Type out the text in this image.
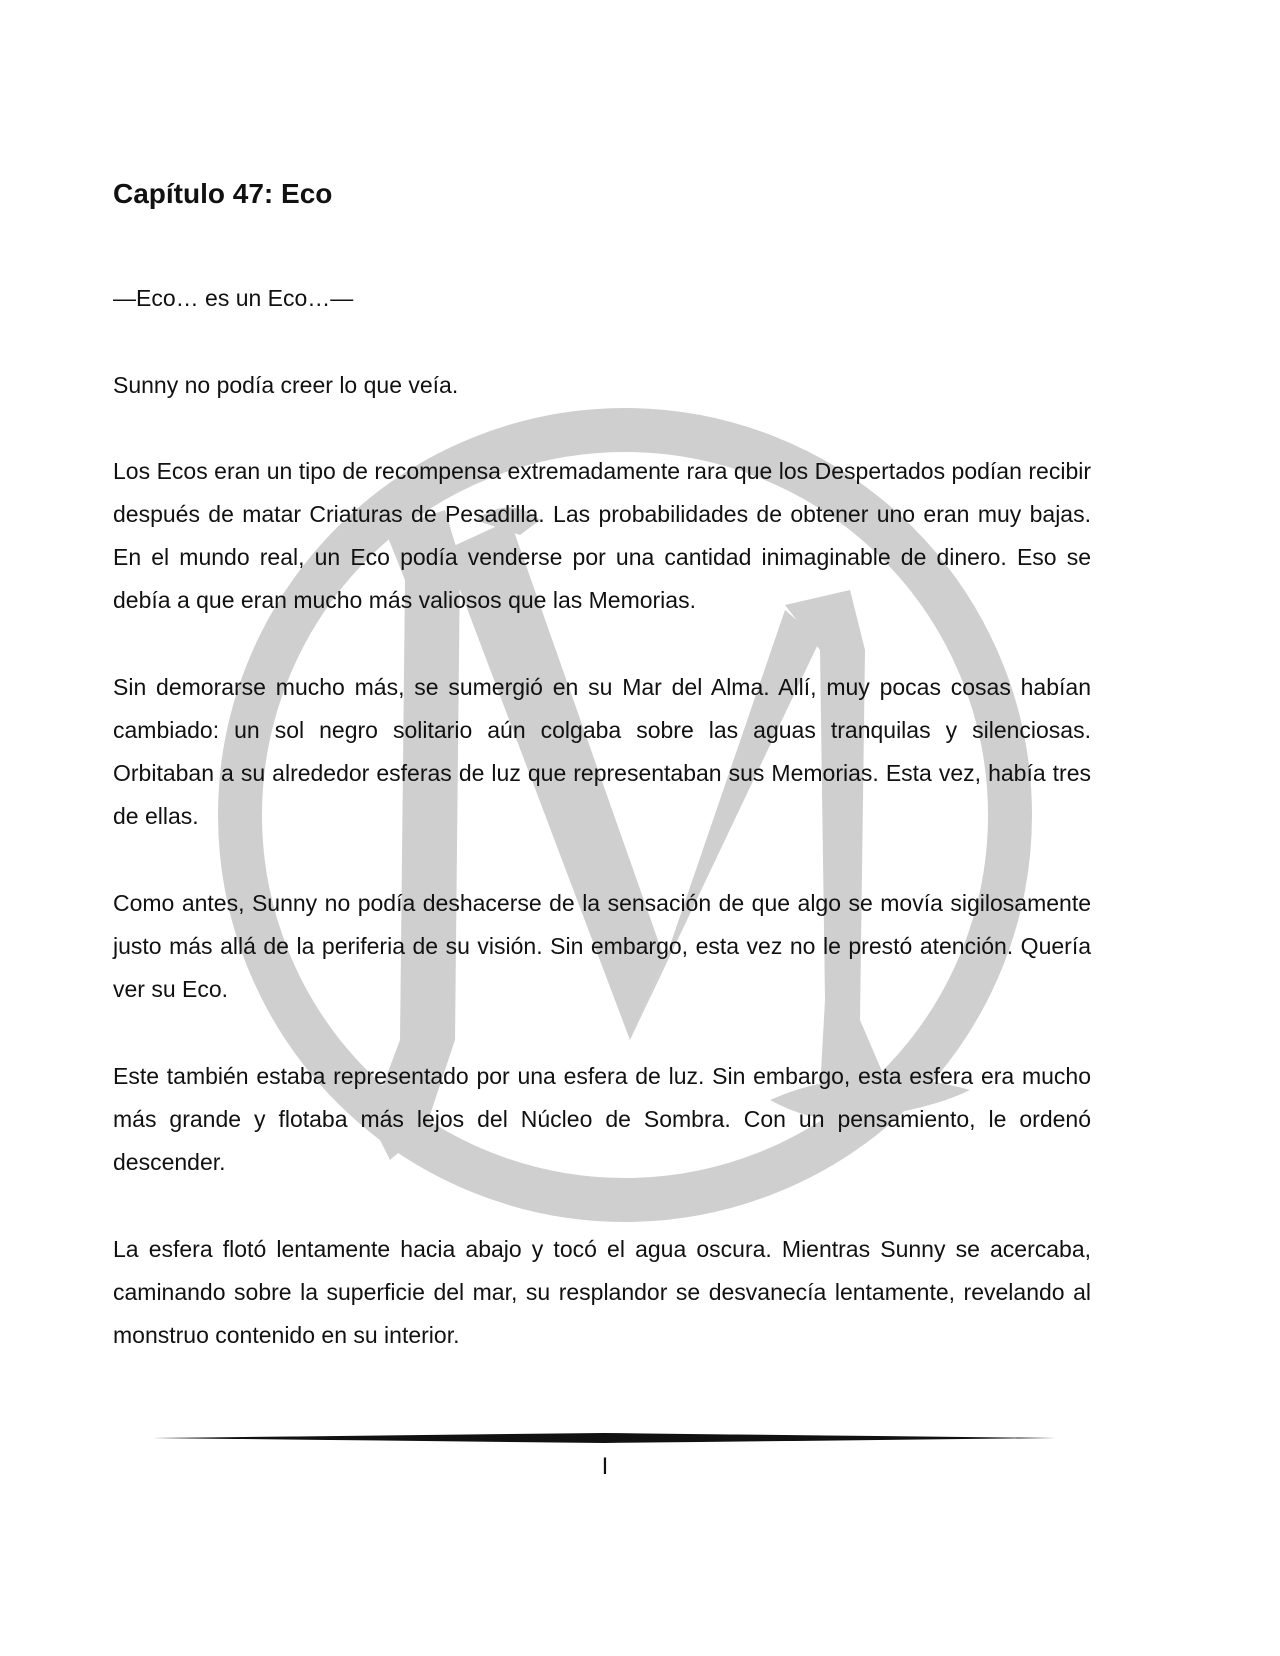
Capítulo 47: Eco

—Eco… es un Eco…—

Sunny no podía creer lo que veía.

Los Ecos eran un tipo de recompensa extremadamente rara que los Despertados podían recibir después de matar Criaturas de Pesadilla. Las probabilidades de obtener uno eran muy bajas. En el mundo real, un Eco podía venderse por una cantidad inimaginable de dinero. Eso se debía a que eran mucho más valiosos que las Memorias.

Sin demorarse mucho más, se sumergió en su Mar del Alma. Allí, muy pocas cosas habían cambiado: un sol negro solitario aún colgaba sobre las aguas tranquilas y silenciosas. Orbitaban a su alrededor esferas de luz que representaban sus Memorias. Esta vez, había tres de ellas.

Como antes, Sunny no podía deshacerse de la sensación de que algo se movía sigilosamente justo más allá de la periferia de su visión. Sin embargo, esta vez no le prestó atención. Quería ver su Eco.

Este también estaba representado por una esfera de luz. Sin embargo, esta esfera era mucho más grande y flotaba más lejos del Núcleo de Sombra. Con un pensamiento, le ordenó descender.

La esfera flotó lentamente hacia abajo y tocó el agua oscura. Mientras Sunny se acercaba, caminando sobre la superficie del mar, su resplandor se desvanecía lentamente, revelando al monstruo contenido en su interior.

I
